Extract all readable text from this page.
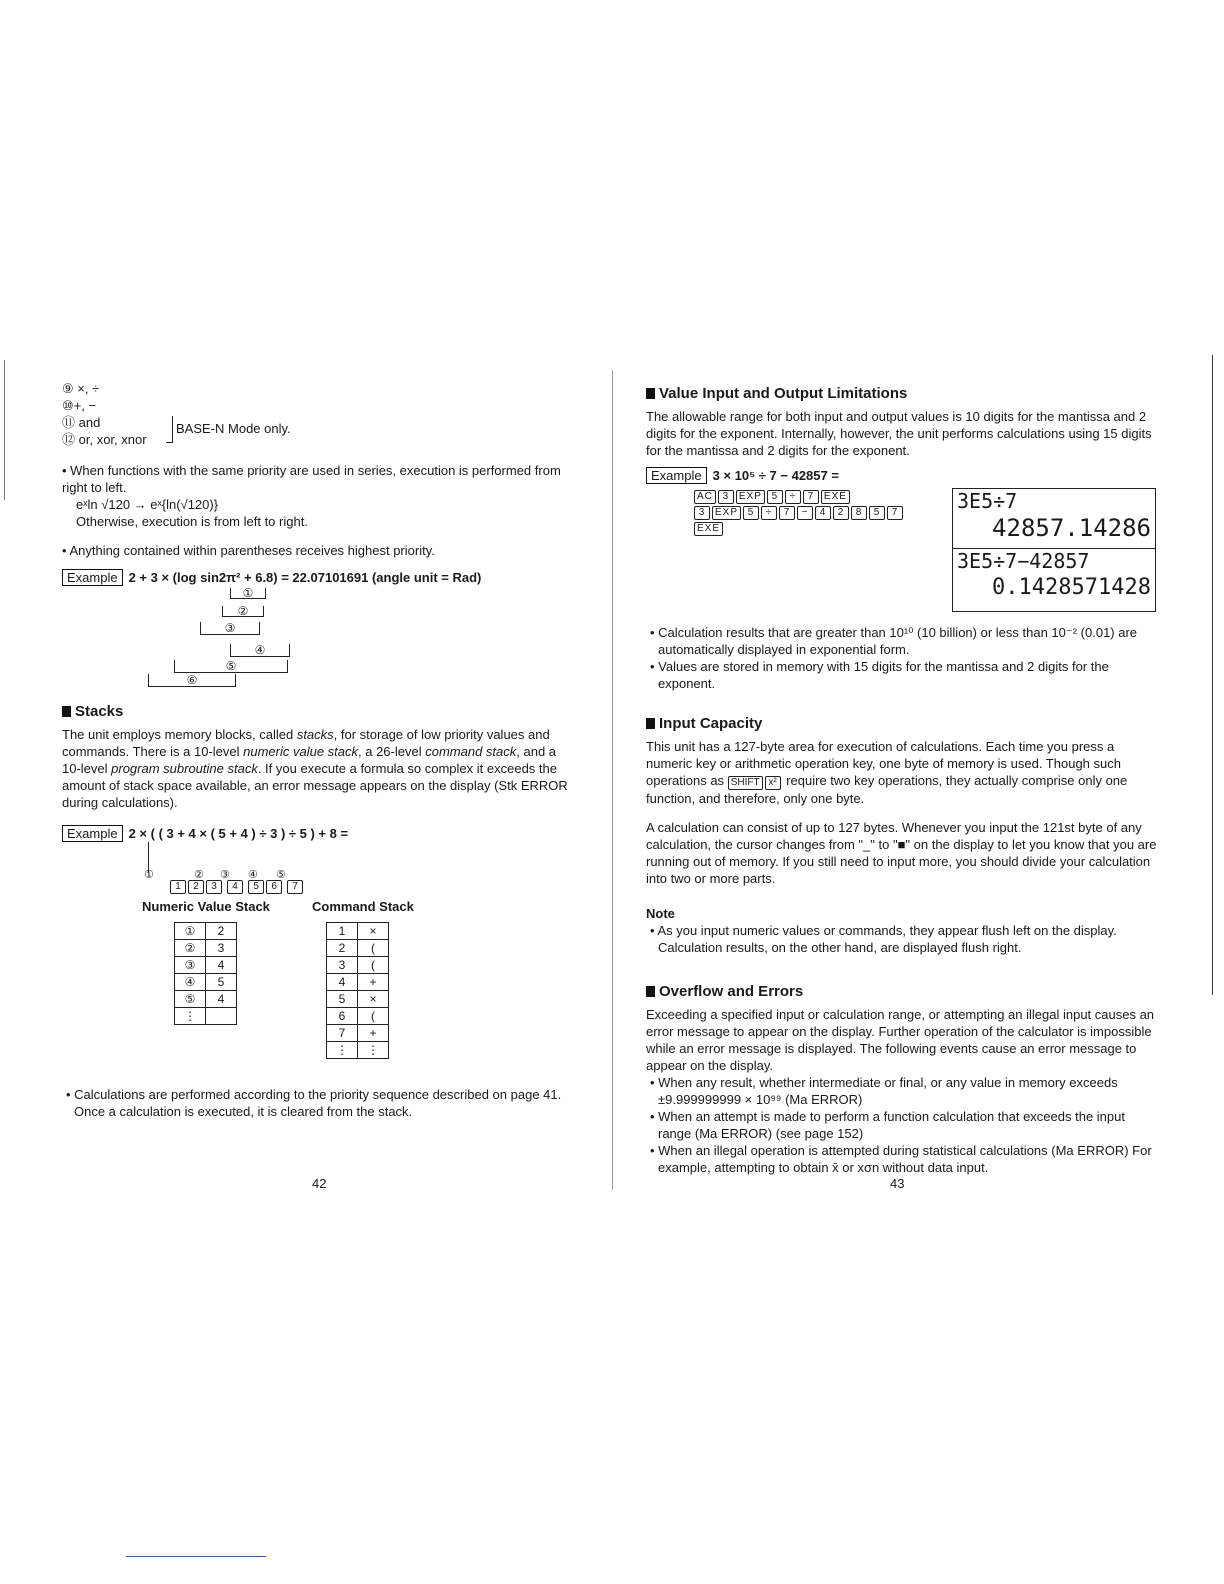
⑨ ×, ÷
⑩+, −
⑪ and
⑫ or, xor, xnor
BASE-N Mode only.

• When functions with the same priority are used in series, execution is performed from right to left.

eˣln √120 → eˣ{ln(√120)}

Otherwise, execution is from left to right.

• Anything contained within parentheses receives highest priority.

Example 2 + 3 × (log sin2π² + 6.8) = 22.07101691 (angle unit = Rad)
①
②
③
④
⑤
⑥
Stacks

The unit employs memory blocks, called stacks, for storage of low priority values and commands. There is a 10-level numeric value stack, a 26-level command stack, and a 10-level program subroutine stack. If you execute a formula so complex it exceeds the amount of stack space available, an error message appears on the display (Stk ERROR during calculations).

Example 2 × ( ( 3 + 4 × ( 5 + 4 ) ÷ 3 ) ÷ 5 ) + 8 =
①	② ③ ④ ⑤
1 2 3 4 5 6 7
Numeric Value Stack	Command Stack
①	2
②	3
③	4
④	5
⑤	4
⋮	
1	×
2	(
3	(
4	+
5	×
6	(
7	+
⋮	⋮

• Calculations are performed according to the priority sequence described on page 41. Once a calculation is executed, it is cleared from the stack.

42
Value Input and Output Limitations

The allowable range for both input and output values is 10 digits for the mantissa and 2 digits for the exponent. Internally, however, the unit performs calculations using 15 digits for the mantissa and 2 digits for the exponent.

Example 3 × 10⁵ ÷ 7 − 42857 =
AC 3 EXP 5 ÷ 7 EXE
3 EXP 5 ÷ 7 − 4 2 8 5 7
EXE
3E5÷7
42857.14286
3E5÷7−42857
0.1428571428

• Calculation results that are greater than 10¹⁰ (10 billion) or less than 10⁻² (0.01) are automatically displayed in exponential form.

• Values are stored in memory with 15 digits for the mantissa and 2 digits for the exponent.

Input Capacity

This unit has a 127-byte area for execution of calculations. Each time you press a numeric key or arithmetic operation key, one byte of memory is used. Though such operations as SHIFT x² require two key operations, they actually comprise only one function, and therefore, only one byte.

A calculation can consist of up to 127 bytes. Whenever you input the 121st byte of any calculation, the cursor changes from "_" to "■" on the display to let you know that you are running out of memory. If you still need to input more, you should divide your calculation into two or more parts.

Note

• As you input numeric values or commands, they appear flush left on the display. Calculation results, on the other hand, are displayed flush right.

Overflow and Errors

Exceeding a specified input or calculation range, or attempting an illegal input causes an error message to appear on the display. Further operation of the calculator is impossible while an error message is displayed. The following events cause an error message to appear on the display.

• When any result, whether intermediate or final, or any value in memory exceeds ±9.999999999 × 10⁹⁹ (Ma ERROR)

• When an attempt is made to perform a function calculation that exceeds the input range (Ma ERROR) (see page 152)

• When an illegal operation is attempted during statistical calculations (Ma ERROR) For example, attempting to obtain x̄ or xσn without data input.

43
